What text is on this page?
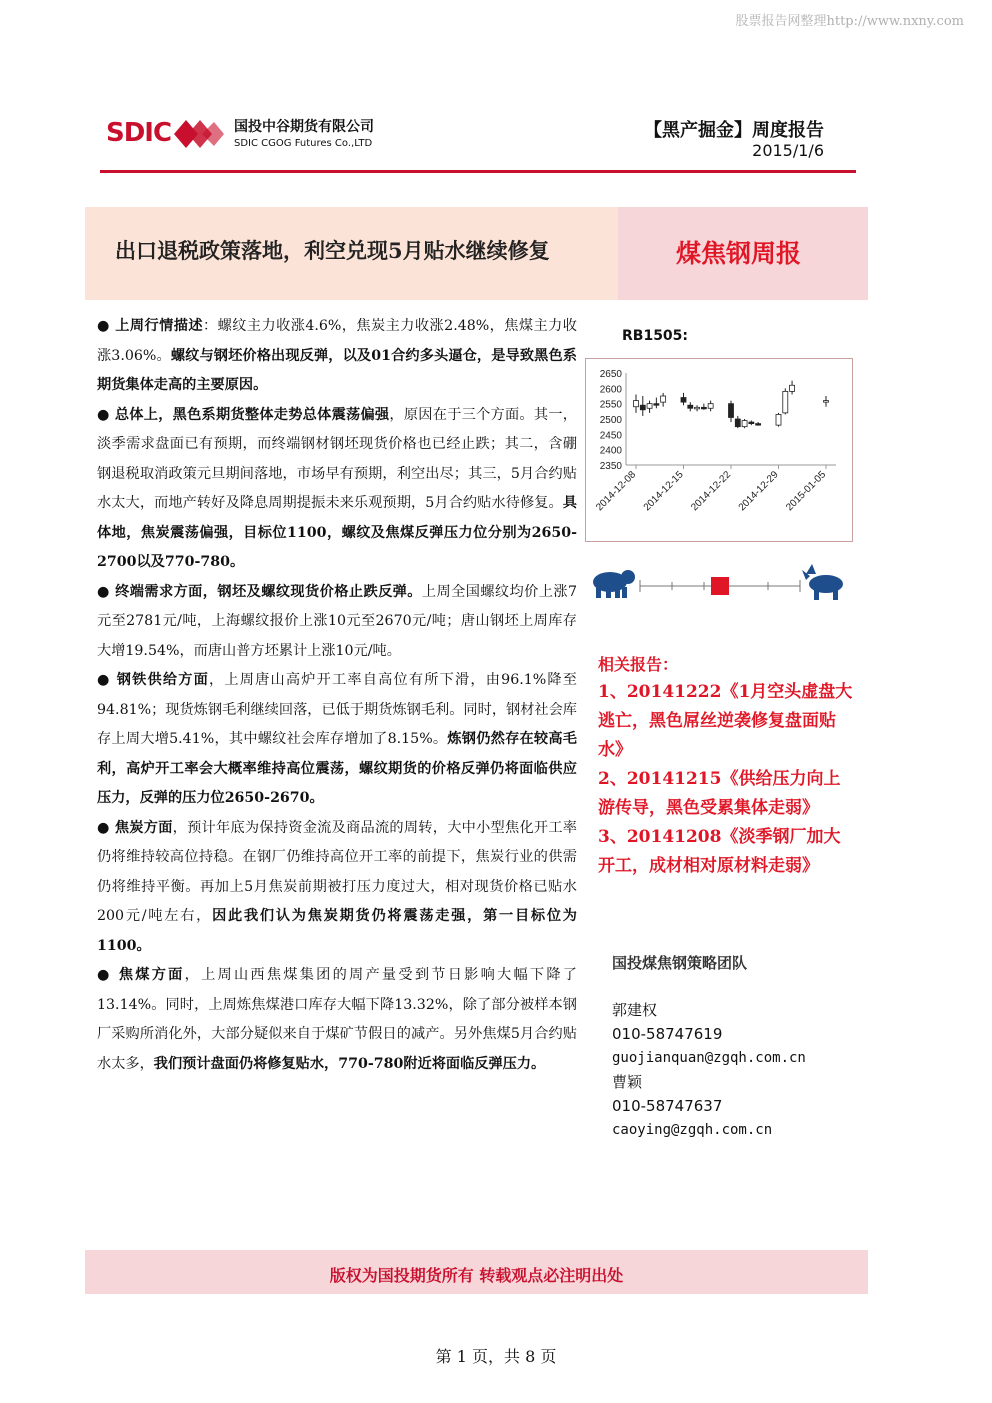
股票报告网整理http://www.nxny.com
SDIC	国投中谷期货有限公司
SDIC CGOG Futures Co.,LTD
【黑产掘金】周度报告
2015/1/6
出口退税政策落地，利空兑现5月贴水继续修复	煤焦钢周报

● 上周行情描述：螺纹主力收涨4.6%，焦炭主力收涨2.48%，焦煤主力收涨3.06%。螺纹与钢坯价格出现反弹，以及01合约多头逼仓，是导致黑色系期货集体走高的主要原因。

● 总体上，黑色系期货整体走势总体震荡偏强，原因在于三个方面。其一，淡季需求盘面已有预期，而终端钢材钢坯现货价格也已经止跌；其二，含硼钢退税取消政策元旦期间落地，市场早有预期，利空出尽；其三，5月合约贴水太大，而地产转好及降息周期提振未来乐观预期，5月合约贴水待修复。具体地，焦炭震荡偏强，目标位1100，螺纹及焦煤反弹压力位分别为2650-2700以及770-780。

● 终端需求方面，钢坯及螺纹现货价格止跌反弹。上周全国螺纹均价上涨7元至2781元/吨，上海螺纹报价上涨10元至2670元/吨；唐山钢坯上周库存大增19.54%，而唐山普方坯累计上涨10元/吨。

● 钢铁供给方面，上周唐山高炉开工率自高位有所下滑，由96.1%降至94.81%；现货炼钢毛利继续回落，已低于期货炼钢毛利。同时，钢材社会库存上周大增5.41%，其中螺纹社会库存增加了8.15%。炼钢仍然存在较高毛利，高炉开工率会大概率维持高位震荡，螺纹期货的价格反弹仍将面临供应压力，反弹的压力位2650-2670。

● 焦炭方面，预计年底为保持资金流及商品流的周转，大中小型焦化开工率仍将维持较高位持稳。在钢厂仍维持高位开工率的前提下，焦炭行业的供需仍将维持平衡。再加上5月焦炭前期被打压力度过大，相对现货价格已贴水200元/吨左右，因此我们认为焦炭期货仍将震荡走强，第一目标位为1100。

● 焦煤方面，上周山西焦煤集团的周产量受到节日影响大幅下降了13.14%。同时，上周炼焦煤港口库存大幅下降13.32%，除了部分被样本钢厂采购所消化外，大部分疑似来自于煤矿节假日的减产。另外焦煤5月合约贴水太多，我们预计盘面仍将修复贴水，770-780附近将面临反弹压力。

RB1505:
2650
2600
2550
2500
2450
2400
2350
2014-12-08 2014-12-15 2014-12-22 2014-12-29 2015-01-05
相关报告：
1、20141222《1月空头虚盘大逃亡，黑色屌丝逆袭修复盘面贴水》
2、20141215《供给压力向上游传导，黑色受累集体走弱》
3、20141208《淡季钢厂加大开工，成材相对原材料走弱》
国投煤焦钢策略团队
郭建权
010-58747619
guojianquan@zgqh.com.cn
曹颖
010-58747637
caoying@zgqh.com.cn
版权为国投期货所有 转载观点必注明出处
第 1 页，共 8 页
